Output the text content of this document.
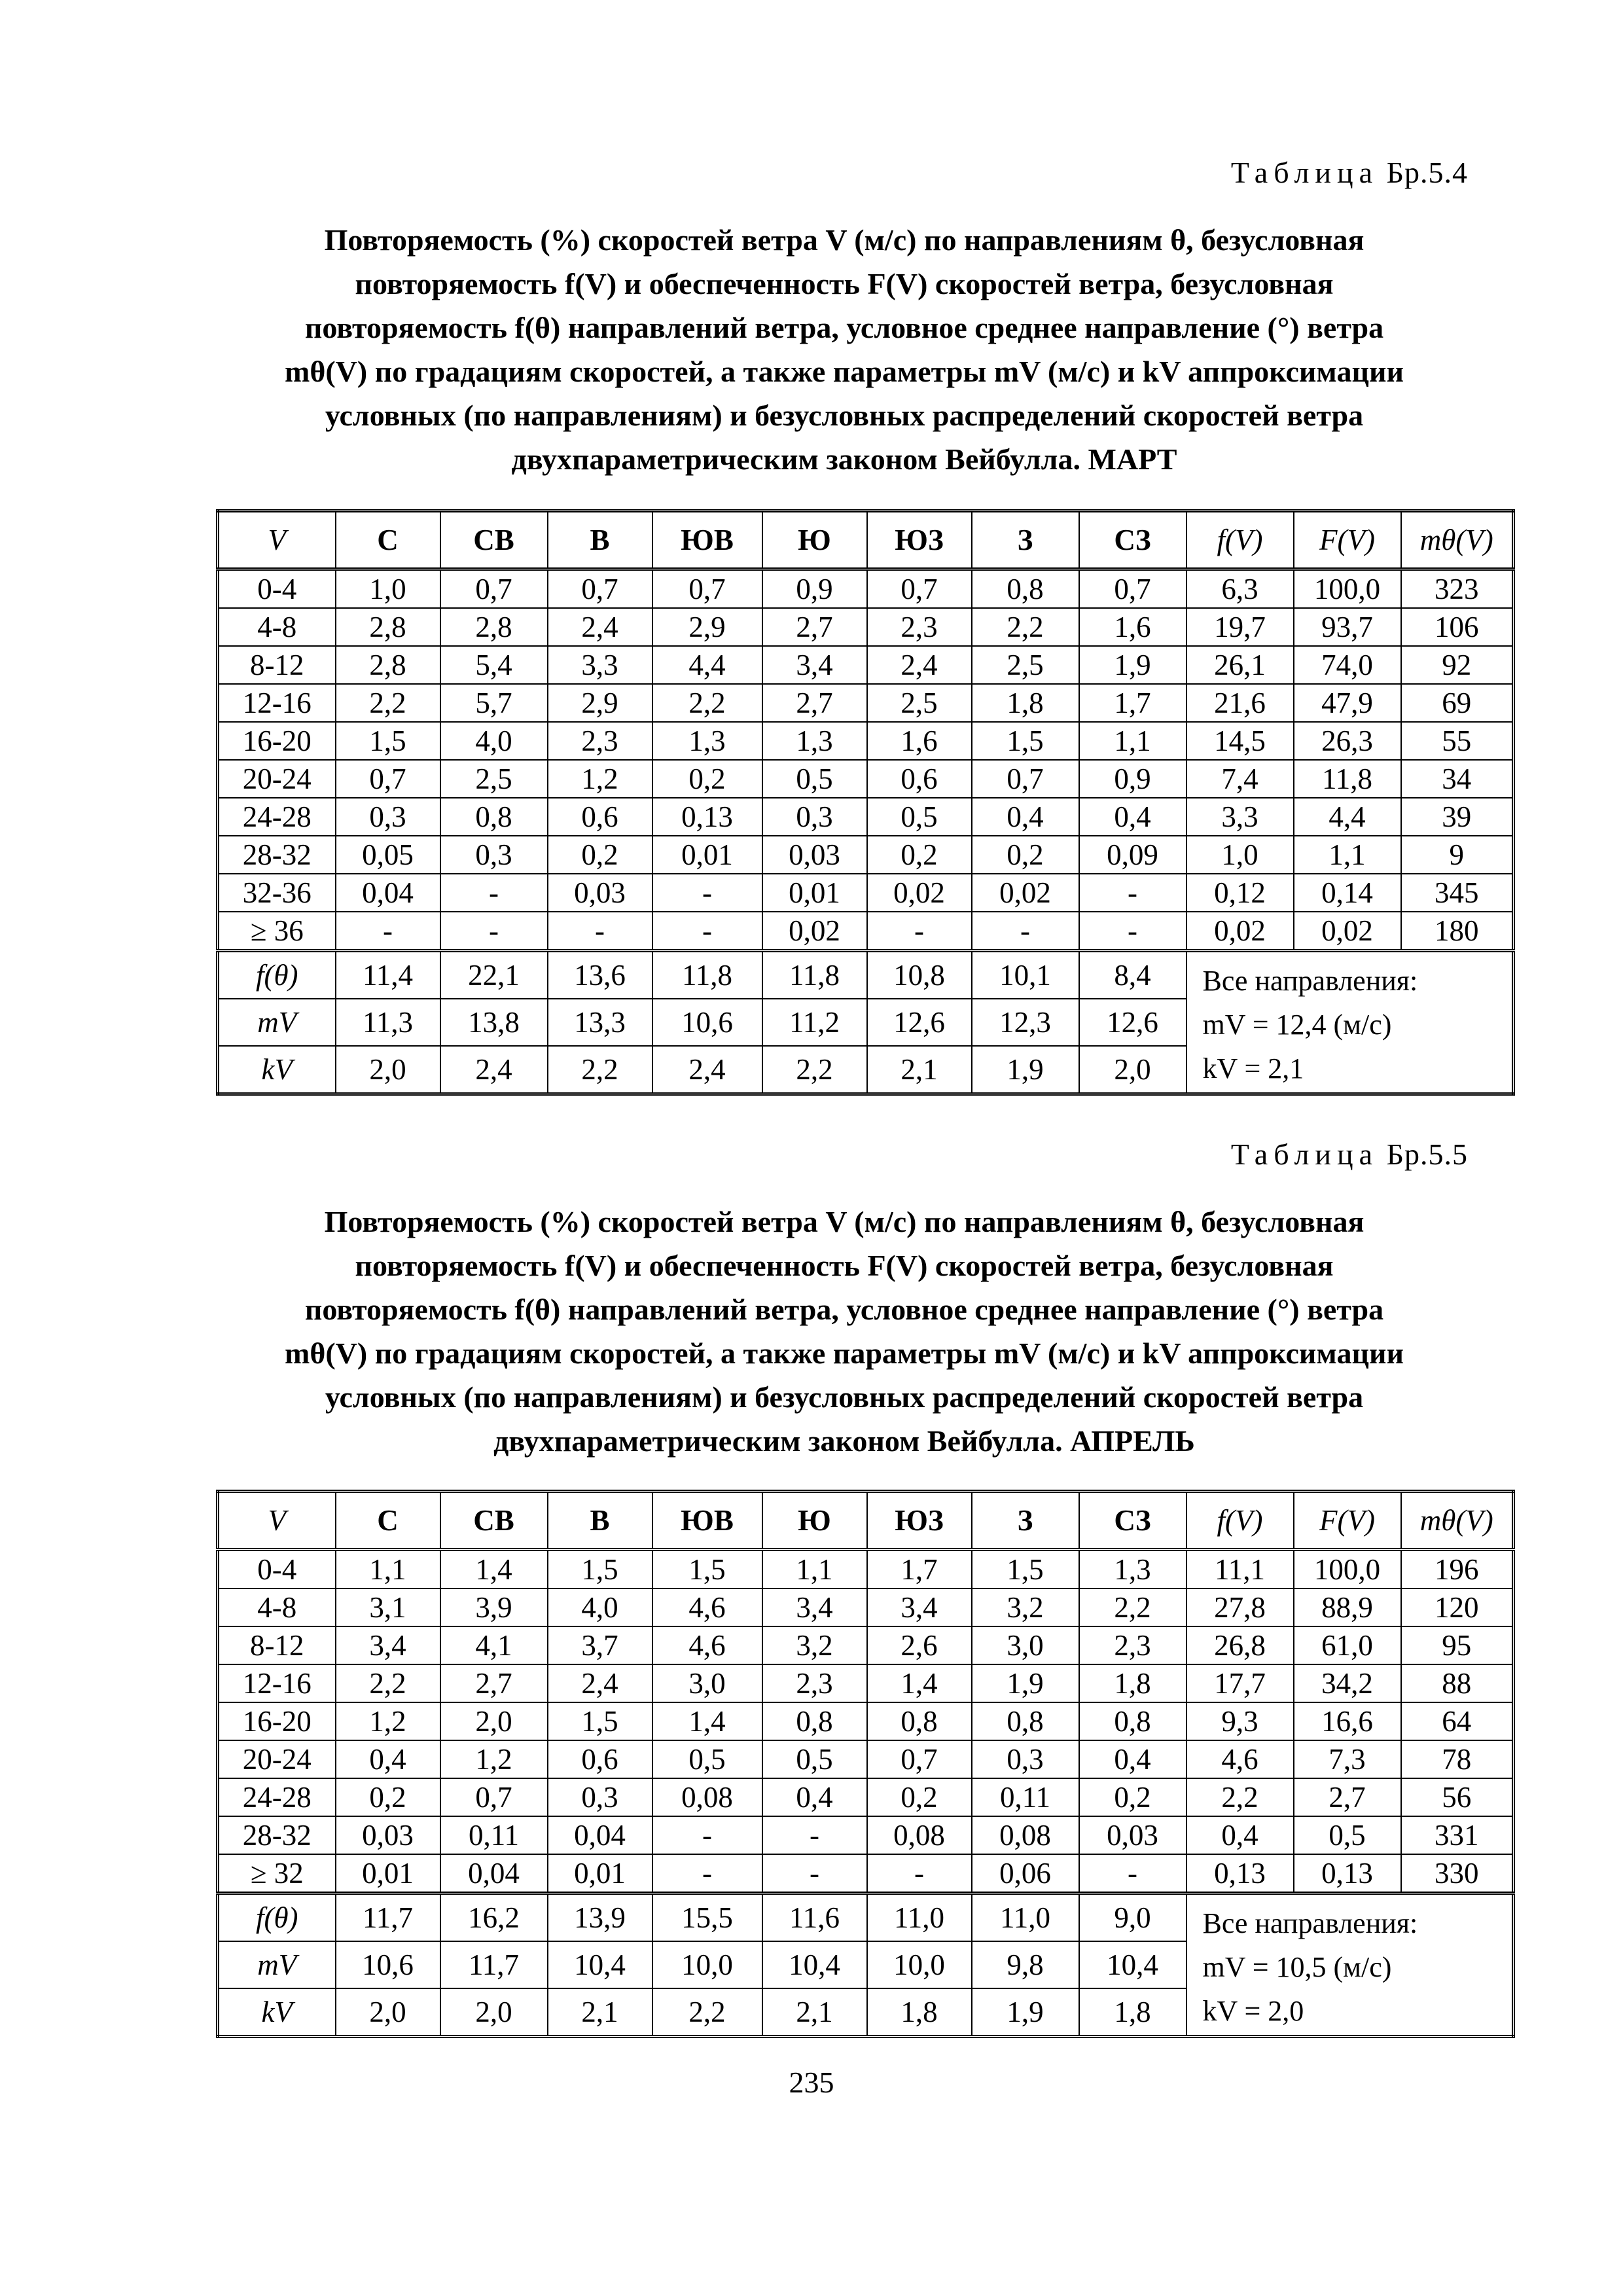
Таблица Бр.5.4
Повторяемость (%) скоростей ветра V (м/с) по направлениям θ, безусловная
повторяемость f(V) и обеспеченность F(V) скоростей ветра, безусловная
повторяемость f(θ) направлений ветра, условное среднее направление (°) ветра
mθ(V) по градациям скоростей, а также параметры mV (м/с) и kV аппроксимации
условных (по направлениям) и безусловных распределений скоростей ветра
двухпараметрическим законом Вейбулла. МАРТ
V	С	СВ	В	ЮВ	Ю	ЮЗ	З	СЗ	f(V)	F(V)	mθ(V)
0-4	1,0	0,7	0,7	0,7	0,9	0,7	0,8	0,7	6,3	100,0	323
4-8	2,8	2,8	2,4	2,9	2,7	2,3	2,2	1,6	19,7	93,7	106
8-12	2,8	5,4	3,3	4,4	3,4	2,4	2,5	1,9	26,1	74,0	92
12-16	2,2	5,7	2,9	2,2	2,7	2,5	1,8	1,7	21,6	47,9	69
16-20	1,5	4,0	2,3	1,3	1,3	1,6	1,5	1,1	14,5	26,3	55
20-24	0,7	2,5	1,2	0,2	0,5	0,6	0,7	0,9	7,4	11,8	34
24-28	0,3	0,8	0,6	0,13	0,3	0,5	0,4	0,4	3,3	4,4	39
28-32	0,05	0,3	0,2	0,01	0,03	0,2	0,2	0,09	1,0	1,1	9
32-36	0,04	-	0,03	-	0,01	0,02	0,02	-	0,12	0,14	345
≥ 36	-	-	-	-	0,02	-	-	-	0,02	0,02	180
f(θ)	11,4	22,1	13,6	11,8	11,8	10,8	10,1	8,4	Все направления:
mV = 12,4 (м/с)
kV = 2,1		

mV	11,3	13,8	13,3	10,6	11,2	12,6	12,3	12,6			
kV	2,0	2,4	2,2	2,4	2,2	2,1	1,9	2,0			
Таблица Бр.5.5
Повторяемость (%) скоростей ветра V (м/с) по направлениям θ, безусловная
повторяемость f(V) и обеспеченность F(V) скоростей ветра, безусловная
повторяемость f(θ) направлений ветра, условное среднее направление (°) ветра
mθ(V) по градациям скоростей, а также параметры mV (м/с) и kV аппроксимации
условных (по направлениям) и безусловных распределений скоростей ветра
двухпараметрическим законом Вейбулла. АПРЕЛЬ
V	С	СВ	В	ЮВ	Ю	ЮЗ	З	СЗ	f(V)	F(V)	mθ(V)
0-4	1,1	1,4	1,5	1,5	1,1	1,7	1,5	1,3	11,1	100,0	196
4-8	3,1	3,9	4,0	4,6	3,4	3,4	3,2	2,2	27,8	88,9	120
8-12	3,4	4,1	3,7	4,6	3,2	2,6	3,0	2,3	26,8	61,0	95
12-16	2,2	2,7	2,4	3,0	2,3	1,4	1,9	1,8	17,7	34,2	88
16-20	1,2	2,0	1,5	1,4	0,8	0,8	0,8	0,8	9,3	16,6	64
20-24	0,4	1,2	0,6	0,5	0,5	0,7	0,3	0,4	4,6	7,3	78
24-28	0,2	0,7	0,3	0,08	0,4	0,2	0,11	0,2	2,2	2,7	56
28-32	0,03	0,11	0,04	-	-	0,08	0,08	0,03	0,4	0,5	331
≥ 32	0,01	0,04	0,01	-	-	-	0,06	-	0,13	0,13	330
f(θ)	11,7	16,2	13,9	15,5	11,6	11,0	11,0	9,0	Все направления:
mV = 10,5 (м/с)
kV = 2,0		

mV	10,6	11,7	10,4	10,0	10,4	10,0	9,8	10,4			
kV	2,0	2,0	2,1	2,2	2,1	1,8	1,9	1,8			
235
